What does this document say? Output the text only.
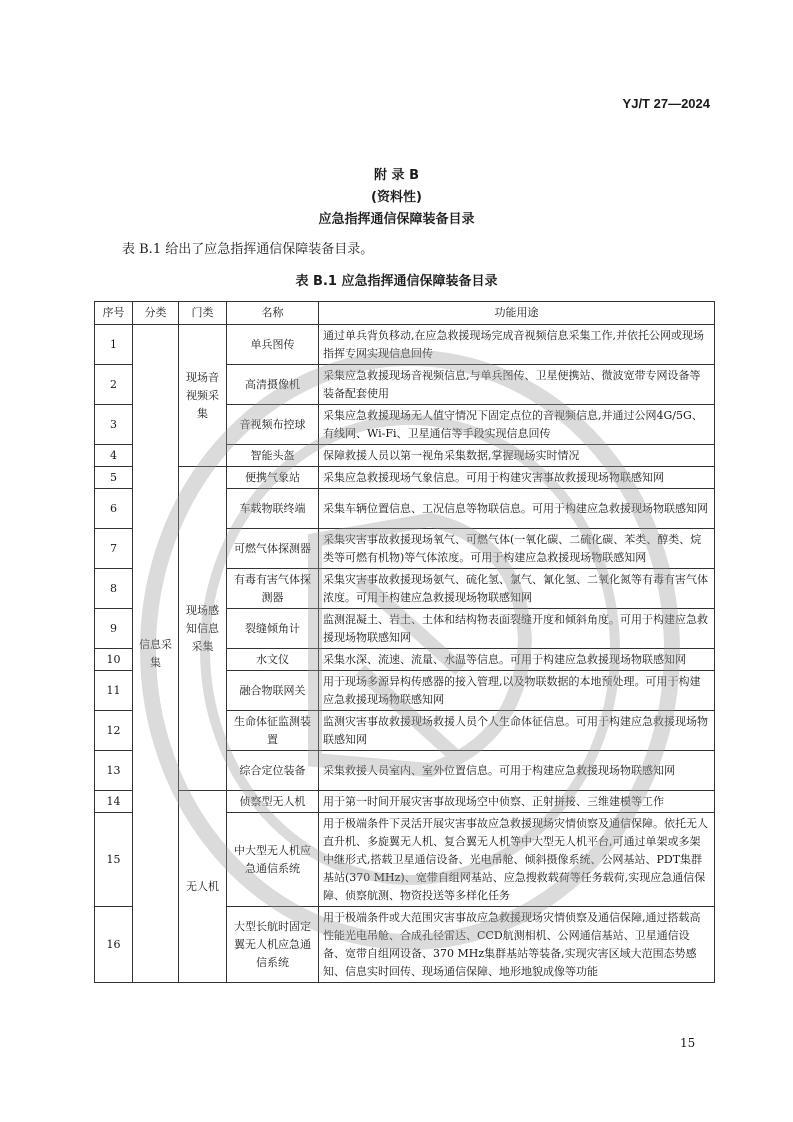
YJ/T 27—2024
附 录 B
(资料性)
应急指挥通信保障装备目录
表 B.1 给出了应急指挥通信保障装备目录。
表 B.1 应急指挥通信保障装备目录
序号	分类	门类	名称	功能用途
1	信息采集	现场音视频采集	单兵图传	通过单兵背负移动,在应急救援现场完成音视频信息采集工作,并依托公网或现场指挥专网实现信息回传
2			高清摄像机	采集应急救援现场音视频信息,与单兵图传、卫星便携站、微波宽带专网设备等装备配套使用
3			音视频布控球	采集应急救援现场无人值守情况下固定点位的音视频信息,并通过公网4G/5G、有线网、Wi-Fi、卫星通信等手段实现信息回传
4			智能头盔	保障救援人员以第一视角采集数据,掌握现场实时情况
5		现场感知信息采集	便携气象站	采集应急救援现场气象信息。可用于构建灾害事故救援现场物联感知网
6			车载物联终端	采集车辆位置信息、工况信息等物联信息。可用于构建应急救援现场物联感知网
7			可燃气体探测器	采集灾害事故救援现场氧气、可燃气体(一氧化碳、二硫化碳、苯类、醇类、烷类等可燃有机物)等气体浓度。可用于构建应急救援现场物联感知网
8			有毒有害气体探测器	采集灾害事故救援现场氨气、硫化氢、氯气、氰化氢、二氧化氮等有毒有害气体浓度。可用于构建应急救援现场物联感知网
9			裂缝倾角计	监测混凝土、岩土、土体和结构物表面裂缝开度和倾斜角度。可用于构建应急救援现场物联感知网
10			水文仪	采集水深、流速、流量、水温等信息。可用于构建应急救援现场物联感知网
11			融合物联网关	用于现场多源异构传感器的接入管理,以及物联数据的本地预处理。可用于构建应急救援现场物联感知网
12			生命体征监测装置	监测灾害事故救援现场救援人员个人生命体征信息。可用于构建应急救援现场物联感知网
13			综合定位装备	采集救援人员室内、室外位置信息。可用于构建应急救援现场物联感知网
14		无人机	侦察型无人机	用于第一时间开展灾害事故现场空中侦察、正射拼接、三维建模等工作
15			中大型无人机应急通信系统	用于极端条件下灵活开展灾害事故应急救援现场灾情侦察及通信保障。依托无人直升机、多旋翼无人机、复合翼无人机等中大型无人机平台,可通过单架或多架中继形式,搭载卫星通信设备、光电吊舱、倾斜摄像系统、公网基站、PDT集群基站(370 MHz)、宽带自组网基站、应急搜救载荷等任务载荷,实现应急通信保障、侦察航测、物资投送等多样化任务
16			大型长航时固定翼无人机应急通信系统	用于极端条件或大范围灾害事故应急救援现场灾情侦察及通信保障,通过搭载高性能光电吊舱、合成孔径雷达、CCD航测相机、公网通信基站、卫星通信设备、宽带自组网设备、370 MHz集群基站等装备,实现灾害区域大范围态势感知、信息实时回传、现场通信保障、地形地貌成像等功能
15
